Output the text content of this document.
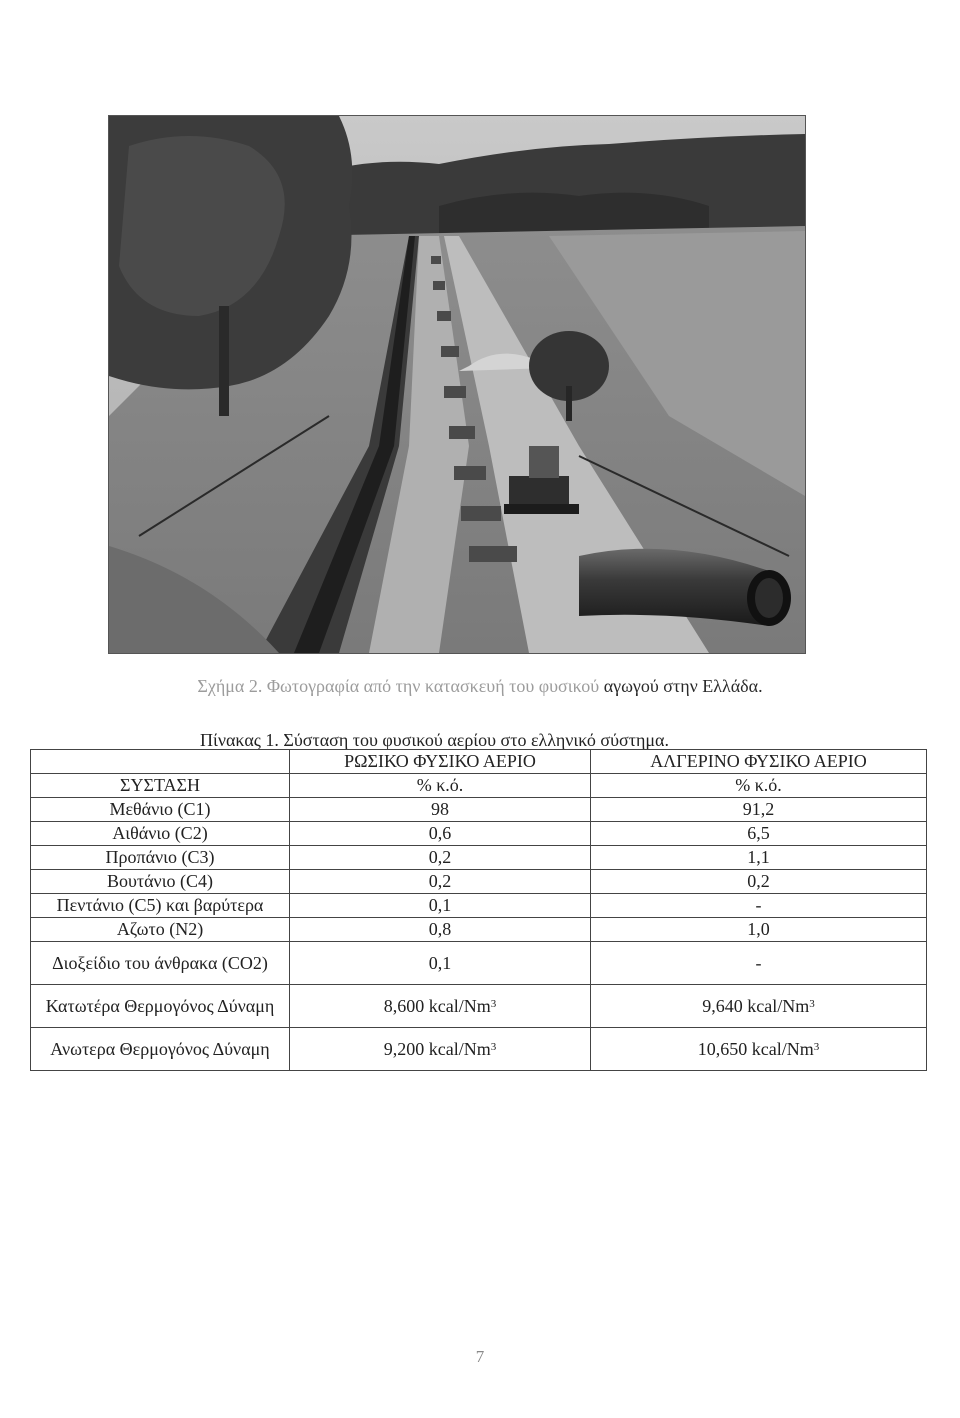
Σχήμα 2. Φωτογραφία από την κατασκευή του φυσικού αγωγού στην Ελλάδα.
Πίνακας 1. Σύσταση του φυσικού αερίου στο ελληνικό σύστημα.
	ΡΩΣΙΚΟ ΦΥΣΙΚΟ ΑΕΡΙΟ	ΑΛΓΕΡΙΝΟ ΦΥΣΙΚΟ ΑΕΡΙΟ
ΣΥΣΤΑΣΗ	% κ.ό.	% κ.ό.
Μεθάνιο (C1)	98	91,2
Αιθάνιο (C2)	0,6	6,5
Προπάνιο (C3)	0,2	1,1
Βουτάνιο (C4)	0,2	0,2
Πεντάνιο (C5) και βαρύτερα	0,1	-
Αζωτο (N2)	0,8	1,0
Διοξείδιο του άνθρακα (CO2)	0,1	-
Κατωτέρα Θερμογόνος Δύναμη	8,600 kcal/Nm$^3$	9,640 kcal/Nm$^3$
Ανωτερα Θερμογόνος Δύναμη	9,200 kcal/Nm$^3$	10,650 kcal/Nm$^3$
7
